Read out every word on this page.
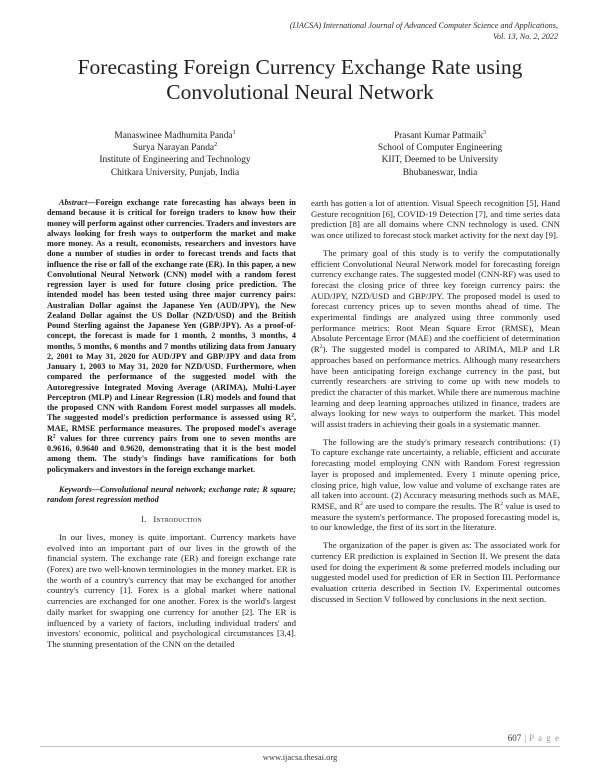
(IJACSA) International Journal of Advanced Computer Science and Applications,
Vol. 13, No. 2, 2022
Forecasting Foreign Currency Exchange Rate using Convolutional Neural Network
Manaswinee Madhumita Panda$^1$
Surya Narayan Panda$^2$
Institute of Engineering and Technology
Chitkara University, Punjab, India
Prasant Kumar Pattnaik$^3$
School of Computer Engineering
KIIT, Deemed to be University
Bhubaneswar, India

Abstract—Foreign exchange rate forecasting has always been in demand because it is critical for foreign traders to know how their money will perform against other currencies. Traders and investors are always looking for fresh ways to outperform the market and make more money. As a result, economists, researchers and investors have done a number of studies in order to forecast trends and facts that influence the rise or fall of the exchange rate (ER). In this paper, a new Convolutional Neural Network (CNN) model with a random forest regression layer is used for future closing price prediction. The intended model has been tested using three major currency pairs: Australian Dollar against the Japanese Yen (AUD/JPY), the New Zealand Dollar against the US Dollar (NZD/USD) and the British Pound Sterling against the Japanese Yen (GBP/JPY). As a proof-of-concept, the forecast is made for 1 month, 2 months, 3 months, 4 months, 5 months, 6 months and 7 months utilizing data from January 2, 2001 to May 31, 2020 for AUD/JPY and GBP/JPY and data from January 1, 2003 to May 31, 2020 for NZD/USD. Furthermore, when compared the performance of the suggested model with the Autoregressive Integrated Moving Average (ARIMA), Multi-Layer Perceptron (MLP) and Linear Regression (LR) models and found that the proposed CNN with Random Forest model surpasses all models. The suggested model's prediction performance is assessed using $R^2$, MAE, RMSE performance measures. The proposed model's average $R^2$ values for three currency pairs from one to seven months are 0.9616, 0.9640 and 0.9620, demonstrating that it is the best model among them. The study's findings have ramifications for both policymakers and investors in the foreign exchange market.

Keywords—Convolutional neural network; exchange rate; R square; random forest regression method

I. Introduction

In our lives, money is quite important. Currency markets have evolved into an important part of our lives in the growth of the financial system. The exchange rate (ER) and foreign exchange rate (Forex) are two well-known terminologies in the money market. ER is the worth of a country's currency that may be exchanged for another country's currency [1]. Forex is a global market where national currencies are exchanged for one another. Forex is the world's largest daily market for swapping one currency for another [2]. The ER is influenced by a variety of factors, including individual traders' and investors' economic, political and psychological circumstances [3,4]. The stunning presentation of the CNN on the detailed

earth has gotten a lot of attention. Visual Speech recognition [5], Hand Gesture recognition [6], COVID-19 Detection [7], and time series data prediction [8] are all domains where CNN technology is used. CNN was once utilized to forecast stock market activity for the next day [9].

The primary goal of this study is to verify the computationally efficient Convolutional Neural Network model for forecasting foreign currency exchange rates. The suggested model (CNN-RF) was used to forecast the closing price of three key foreign currency pairs: the AUD/JPY, NZD/USD and GBP/JPY. The proposed model is used to forecast currency prices up to seven months ahead of time. The experimental findings are analyzed using three commonly used performance metrics: Root Mean Square Error (RMSE), Mean Absolute Percentage Error (MAE) and the coefficient of determination $(R^2)$. The suggested model is compared to ARIMA, MLP and LR approaches based on performance metrics. Although many researchers have been anticipating foreign exchange currency in the past, but currently researchers are striving to come up with new models to predict the character of this market. While there are numerous machine learning and deep learning approaches utilized in finance, traders are always looking for new ways to outperform the market. This model will assist traders in achieving their goals in a systematic manner.

The following are the study's primary research contributions: (1) To capture exchange rate uncertainty, a reliable, efficient and accurate forecasting model employing CNN with Random Forest regression layer is proposed and implemented. Every 1 minute opening price, closing price, high value, low value and volume of exchange rates are all taken into account. (2) Accuracy measuring methods such as MAE, RMSE, and $R^2$ are used to compare the results. The $R^2$ value is used to measure the system's performance. The proposed forecasting model is, to our knowledge, the first of its sort in the literature.

The organization of the paper is given as: The associated work for currency ER prediction is explained in Section II. We present the data used for doing the experiment & some preferred models including our suggested model used for prediction of ER in Section III. Performance evaluation criteria described in Section IV. Experimental outcomes discussed in Section V followed by conclusions in the next section.

607 | P a g e
www.ijacsa.thesai.org
